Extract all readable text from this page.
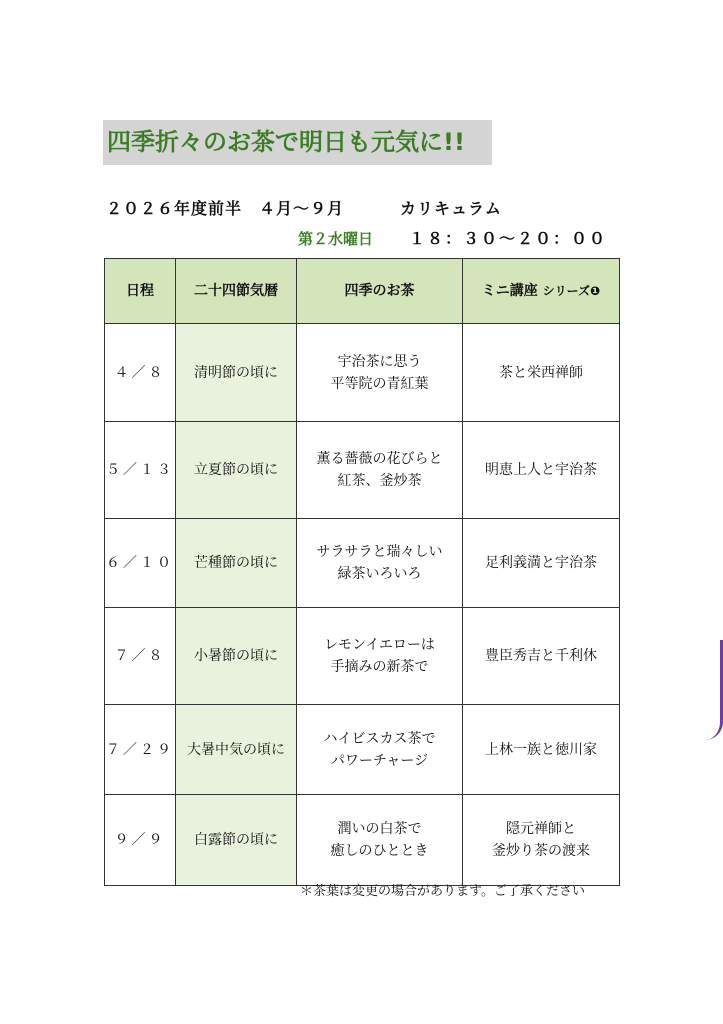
四季折々のお茶で明日も元気に!!
２０２６年度前半　４月〜９月	カリキュラム
第２水曜日 １８：３０〜２０：００
日程	二十四節気暦	四季のお茶	ミニ講座 シリーズ❶
４／８	清明節の頃に	宇治茶に思う
平等院の青紅葉	茶と栄西禅師

５／１３	立夏節の頃に	薫る薔薇の花びらと
紅茶、釜炒茶	明恵上人と宇治茶

６／１０	芒種節の頃に	サラサラと瑞々しい
緑茶いろいろ	足利義満と宇治茶

７／８	小暑節の頃に	レモンイエローは
手摘みの新茶で	豊臣秀吉と千利休

７／２９	大暑中気の頃に	ハイビスカス茶で
パワーチャージ	上林一族と徳川家

９／９	白露節の頃に	潤いの白茶で
癒しのひととき	隠元禅師と
釜炒り茶の渡来
＊茶葉は変更の場合があります。ご了承ください
